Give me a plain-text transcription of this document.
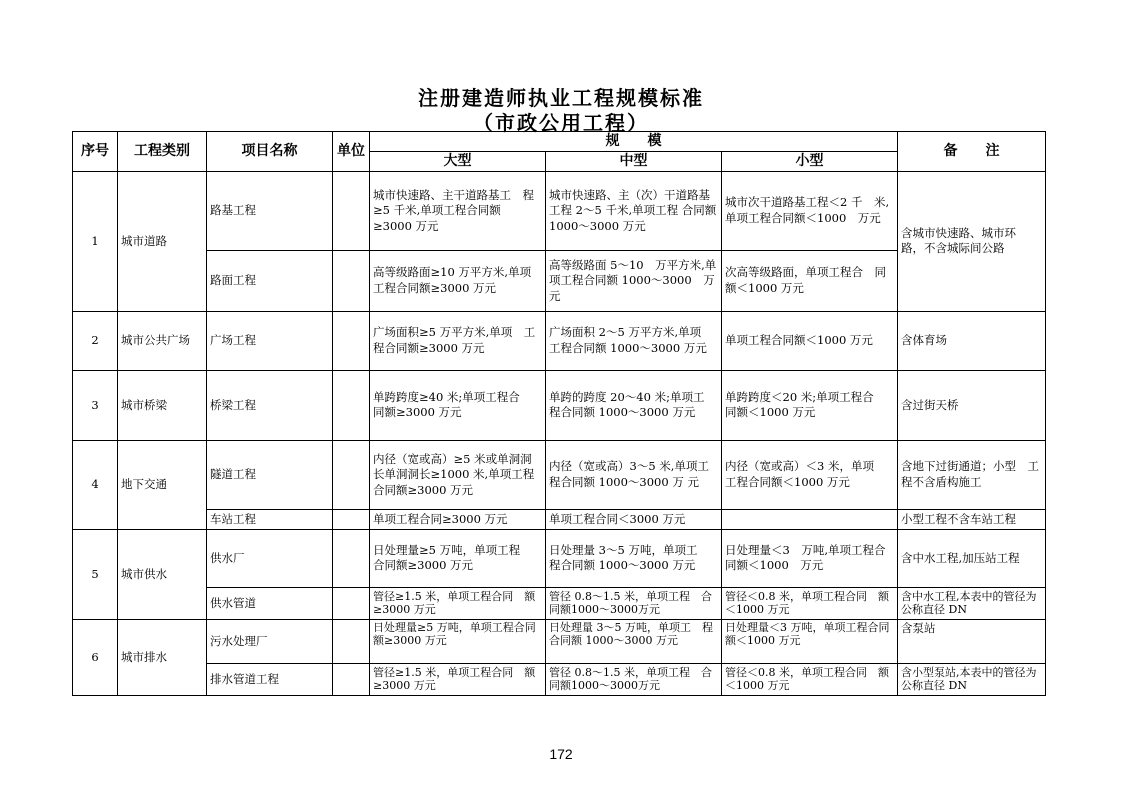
注册建造师执业工程规模标准
（市政公用工程）
序号	工程类别	项目名称	单位	规　　模			备　　注
				大型	中型	小型	
1	城市道路	路基工程		城市快速路、主干道路基工　程≥5 千米,单项工程合同额　≥3000 万元	城市快速路、主（次）干道路基工程 2～5 千米,单项工程 合同额 1000～3000 万元	城市次干道路基工程＜2 千　米,单项工程合同额＜1000　万元	含城市快速路、城市环 路，不含城际间公路
		路面工程		高等级路面≥10 万平方米,单项工程合同额≥3000 万元	高等级路面 5～10　万平方米,单项工程合同额 1000～3000　万元	次高等级路面，单项工程合　同额＜1000 万元	
2	城市公共广场	广场工程		广场面积≥5 万平方米,单项　工程合同额≥3000 万元	广场面积 2～5 万平方米,单项　工程合同额 1000～3000 万元	单项工程合同额＜1000 万元	含体育场
3	城市桥梁	桥梁工程		单跨跨度≥40 米;单项工程合　同额≥3000 万元	单跨的跨度 20～40 米;单项工　程合同额 1000～3000 万元	单跨跨度＜20 米;单项工程合　同额＜1000 万元	含过街天桥
4	地下交通	隧道工程		内径（宽或高）≥5 米或单洞洞长单洞洞长≥1000 米,单项工程合同额≥3000 万元	内径（宽或高）3～5 米,单项工程合同额 1000～3000 万 元	内径（宽或高）＜3 米，单项　工程合同额＜1000 万元	含地下过街通道；小型　工程不含盾构施工
		车站工程		单项工程合同≥3000 万元	单项工程合同＜3000 万元		小型工程不含车站工程
5	城市供水	供水厂		日处理量≥5 万吨，单项工程　合同额≥3000 万元	日处理量 3～5 万吨，单项工　程合同额 1000～3000 万元	日处理量＜3　万吨,单项工程合同额＜1000　万元	含中水工程,加压站工程
		供水管道		管径≥1.5 米，单项工程合同　额≥3000 万元	管径 0.8～1.5 米，单项工程　合同额1000～3000万元	管径＜0.8 米，单项工程合同　额＜1000 万元	含中水工程,本表中的管径为公称直径 DN
6	城市排水	污水处理厂		日处理量≥5 万吨，单项工程合同额≥3000 万元	日处理量 3～5 万吨，单项工　程合同额 1000～3000 万元	日处理量＜3 万吨，单项工程合同额＜1000 万元	含泵站
		排水管道工程		管径≥1.5 米，单项工程合同　额≥3000 万元	管径 0.8～1.5 米，单项工程　合同额1000～3000万元	管径＜0.8 米，单项工程合同　额＜1000 万元	含小型泵站,本表中的管径为公称直径 DN
172
